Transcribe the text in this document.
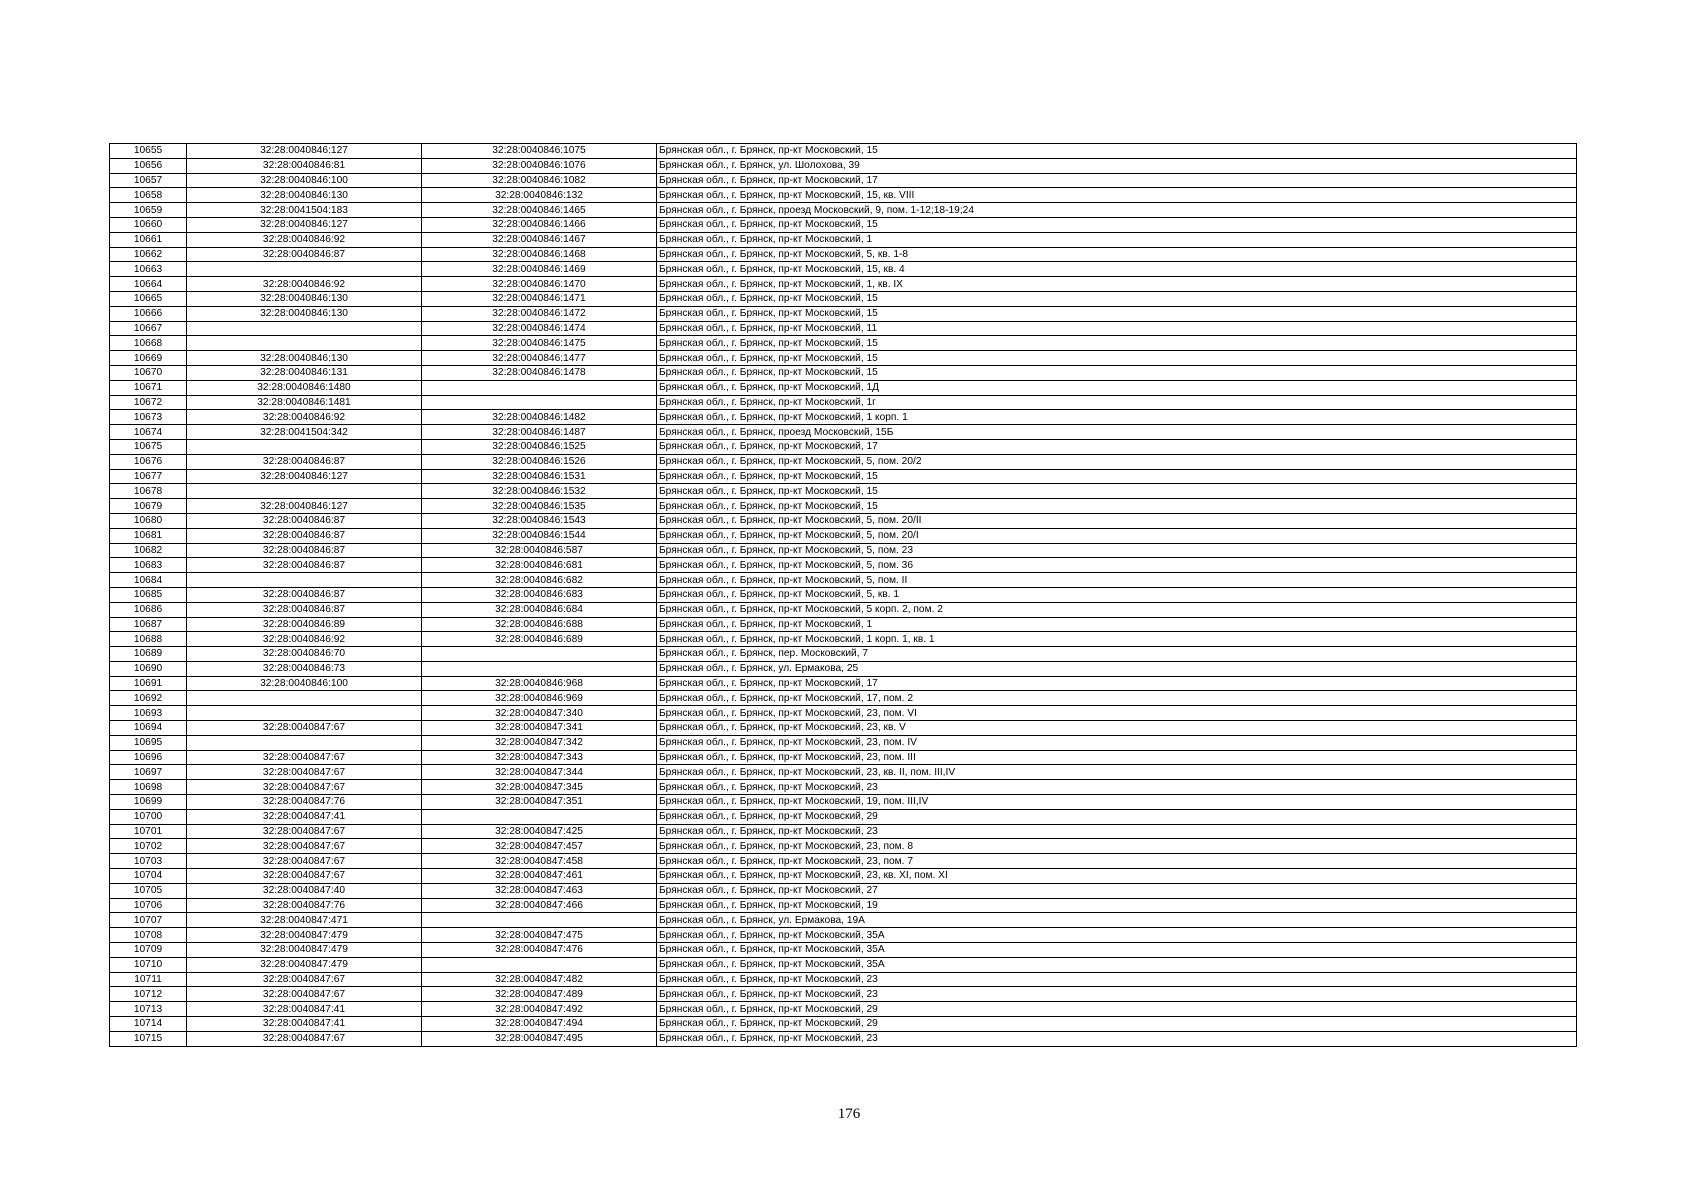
10655	32:28:0040846:127	32:28:0040846:1075	Брянская обл., г. Брянск, пр-кт Московский, 15
10656	32:28:0040846:81	32:28:0040846:1076	Брянская обл., г. Брянск, ул. Шолохова, 39
10657	32:28:0040846:100	32:28:0040846:1082	Брянская обл., г. Брянск, пр-кт Московский, 17
10658	32:28:0040846:130	32:28:0040846:132	Брянская обл., г. Брянск, пр-кт Московский, 15, кв. VIII
10659	32:28:0041504:183	32:28:0040846:1465	Брянская обл., г. Брянск, проезд Московский, 9, пом. 1-12;18-19;24
10660	32:28:0040846:127	32:28:0040846:1466	Брянская обл., г. Брянск, пр-кт Московский, 15
10661	32:28:0040846:92	32:28:0040846:1467	Брянская обл., г. Брянск, пр-кт Московский, 1
10662	32:28:0040846:87	32:28:0040846:1468	Брянская обл., г. Брянск, пр-кт Московский, 5, кв. 1-8
10663		32:28:0040846:1469	Брянская обл., г. Брянск, пр-кт Московский, 15, кв. 4
10664	32:28:0040846:92	32:28:0040846:1470	Брянская обл., г. Брянск, пр-кт Московский, 1, кв. IX
10665	32:28:0040846:130	32:28:0040846:1471	Брянская обл., г. Брянск, пр-кт Московский, 15
10666	32:28:0040846:130	32:28:0040846:1472	Брянская обл., г. Брянск, пр-кт Московский, 15
10667		32:28:0040846:1474	Брянская обл., г. Брянск, пр-кт Московский, 11
10668		32:28:0040846:1475	Брянская обл., г. Брянск, пр-кт Московский, 15
10669	32:28:0040846:130	32:28:0040846:1477	Брянская обл., г. Брянск, пр-кт Московский, 15
10670	32:28:0040846:131	32:28:0040846:1478	Брянская обл., г. Брянск, пр-кт Московский, 15
10671	32:28:0040846:1480		Брянская обл., г. Брянск, пр-кт Московский, 1Д
10672	32:28:0040846:1481		Брянская обл., г. Брянск, пр-кт Московский, 1г
10673	32:28:0040846:92	32:28:0040846:1482	Брянская обл., г. Брянск, пр-кт Московский, 1 корп. 1
10674	32:28:0041504:342	32:28:0040846:1487	Брянская обл., г. Брянск, проезд Московский, 15Б
10675		32:28:0040846:1525	Брянская обл., г. Брянск, пр-кт Московский, 17
10676	32:28:0040846:87	32:28:0040846:1526	Брянская обл., г. Брянск, пр-кт Московский, 5, пом. 20/2
10677	32:28:0040846:127	32:28:0040846:1531	Брянская обл., г. Брянск, пр-кт Московский, 15
10678		32:28:0040846:1532	Брянская обл., г. Брянск, пр-кт Московский, 15
10679	32:28:0040846:127	32:28:0040846:1535	Брянская обл., г. Брянск, пр-кт Московский, 15
10680	32:28:0040846:87	32:28:0040846:1543	Брянская обл., г. Брянск, пр-кт Московский, 5, пом. 20/II
10681	32:28:0040846:87	32:28:0040846:1544	Брянская обл., г. Брянск, пр-кт Московский, 5, пом. 20/I
10682	32:28:0040846:87	32:28:0040846:587	Брянская обл., г. Брянск, пр-кт Московский, 5, пом. 23
10683	32:28:0040846:87	32:28:0040846:681	Брянская обл., г. Брянск, пр-кт Московский, 5, пом. 36
10684		32:28:0040846:682	Брянская обл., г. Брянск, пр-кт Московский, 5, пом. II
10685	32:28:0040846:87	32:28:0040846:683	Брянская обл., г. Брянск, пр-кт Московский, 5, кв. 1
10686	32:28:0040846:87	32:28:0040846:684	Брянская обл., г. Брянск, пр-кт Московский, 5 корп. 2, пом. 2
10687	32:28:0040846:89	32:28:0040846:688	Брянская обл., г. Брянск, пр-кт Московский, 1
10688	32:28:0040846:92	32:28:0040846:689	Брянская обл., г. Брянск, пр-кт Московский, 1 корп. 1, кв. 1
10689	32:28:0040846:70		Брянская обл., г. Брянск, пер. Московский, 7
10690	32:28:0040846:73		Брянская обл., г. Брянск, ул. Ермакова, 25
10691	32:28:0040846:100	32:28:0040846:968	Брянская обл., г. Брянск, пр-кт Московский, 17
10692		32:28:0040846:969	Брянская обл., г. Брянск, пр-кт Московский, 17, пом. 2
10693		32:28:0040847:340	Брянская обл., г. Брянск, пр-кт Московский, 23, пом. VI
10694	32:28:0040847:67	32:28:0040847:341	Брянская обл., г. Брянск, пр-кт Московский, 23, кв. V
10695		32:28:0040847:342	Брянская обл., г. Брянск, пр-кт Московский, 23, пом. IV
10696	32:28:0040847:67	32:28:0040847:343	Брянская обл., г. Брянск, пр-кт Московский, 23, пом. III
10697	32:28:0040847:67	32:28:0040847:344	Брянская обл., г. Брянск, пр-кт Московский, 23, кв. II, пом. III,IV
10698	32:28:0040847:67	32:28:0040847:345	Брянская обл., г. Брянск, пр-кт Московский, 23
10699	32:28:0040847:76	32:28:0040847:351	Брянская обл., г. Брянск, пр-кт Московский, 19, пом. III,IV
10700	32:28:0040847:41		Брянская обл., г. Брянск, пр-кт Московский, 29
10701	32:28:0040847:67	32:28:0040847:425	Брянская обл., г. Брянск, пр-кт Московский, 23
10702	32:28:0040847:67	32:28:0040847:457	Брянская обл., г. Брянск, пр-кт Московский, 23, пом. 8
10703	32:28:0040847:67	32:28:0040847:458	Брянская обл., г. Брянск, пр-кт Московский, 23, пом. 7
10704	32:28:0040847:67	32:28:0040847:461	Брянская обл., г. Брянск, пр-кт Московский, 23, кв. XI, пом. XI
10705	32:28:0040847:40	32:28:0040847:463	Брянская обл., г. Брянск, пр-кт Московский, 27
10706	32:28:0040847:76	32:28:0040847:466	Брянская обл., г. Брянск, пр-кт Московский, 19
10707	32:28:0040847:471		Брянская обл., г. Брянск, ул. Ермакова, 19А
10708	32:28:0040847:479	32:28:0040847:475	Брянская обл., г. Брянск, пр-кт Московский, 35А
10709	32:28:0040847:479	32:28:0040847:476	Брянская обл., г. Брянск, пр-кт Московский, 35А
10710	32:28:0040847:479		Брянская обл., г. Брянск, пр-кт Московский, 35А
10711	32:28:0040847:67	32:28:0040847:482	Брянская обл., г. Брянск, пр-кт Московский, 23
10712	32:28:0040847:67	32:28:0040847:489	Брянская обл., г. Брянск, пр-кт Московский, 23
10713	32:28:0040847:41	32:28:0040847:492	Брянская обл., г. Брянск, пр-кт Московский, 29
10714	32:28:0040847:41	32:28:0040847:494	Брянская обл., г. Брянск, пр-кт Московский, 29
10715	32:28:0040847:67	32:28:0040847:495	Брянская обл., г. Брянск, пр-кт Московский, 23
176
